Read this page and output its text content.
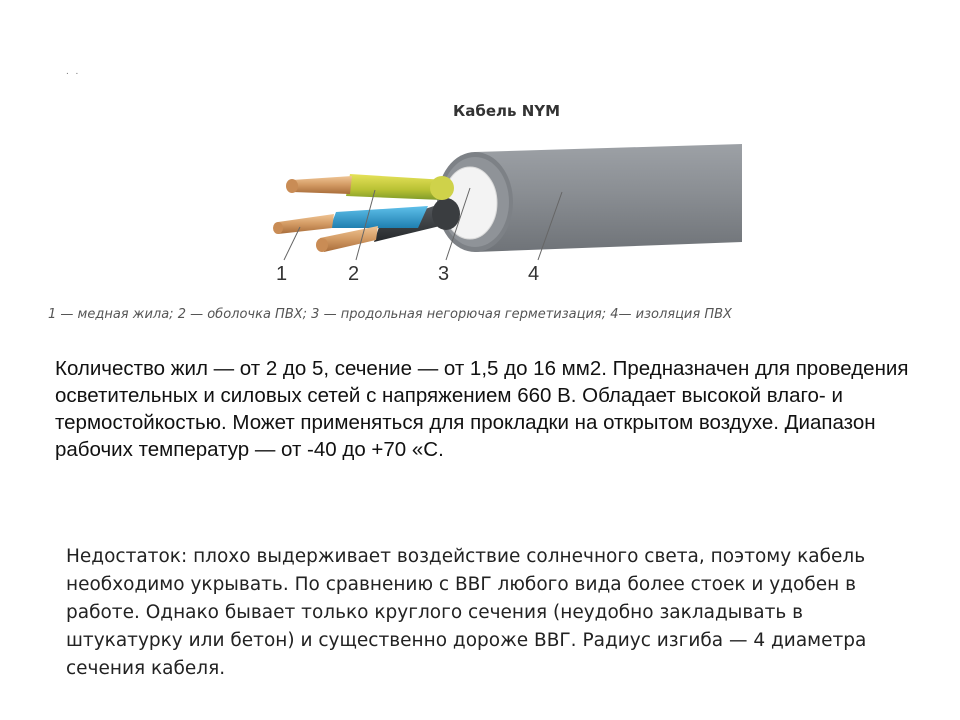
. .
Кабель NYM
1	2	3	4
1 — медная жила; 2 — оболочка ПВХ; 3 — продольная негорючая герметизация; 4— изоляция ПВХ

Количество жил — от 2 до 5, сечение — от 1,5 до 16 мм2. Предназначен для проведения осветительных и силовых сетей с напряжением 660 В. Обладает высокой влаго- и термостойкостью. Может применяться для прокладки на открытом воздухе. Диапазон рабочих температур — от -40 до +70 «С.

Недостаток: плохо выдерживает воздействие солнечного света, поэтому кабель необходимо укрывать. По сравнению с ВВГ любого вида более стоек и удобен в работе. Однако бывает только круглого сечения (неудобно закладывать в штукатурку или бетон) и существенно дороже ВВГ. Радиус изгиба — 4 диаметра сечения кабеля.
